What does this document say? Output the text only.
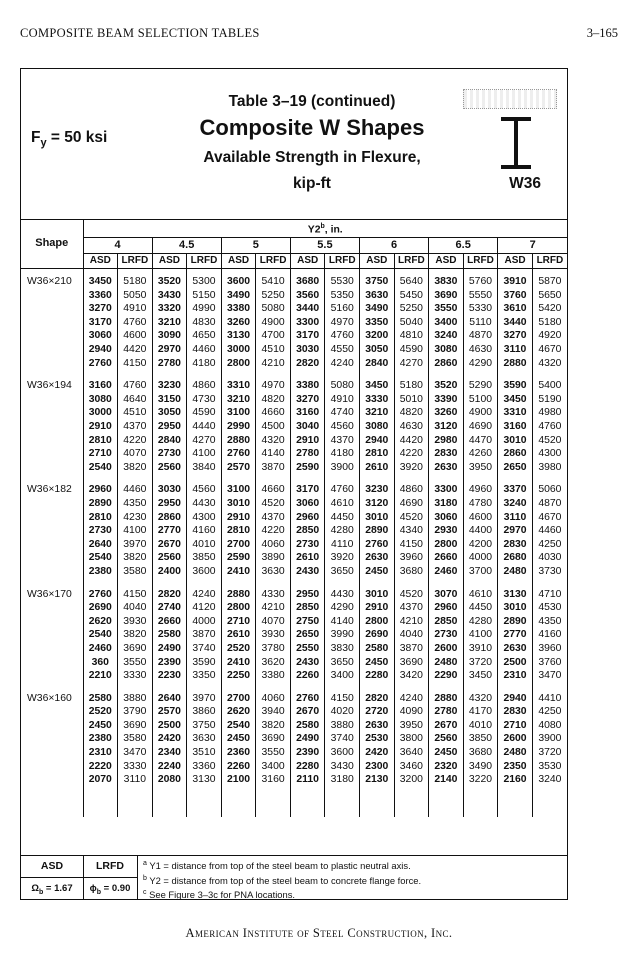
COMPOSITE BEAM SELECTION TABLES	3–165
$F_y = 50$ ksi
Table 3–19 (continued)
Composite W Shapes
Available Strength in Flexure,
kip-ft	W36
Shape	Y2$^b$, in.													
	4		4.5		5		5.5		6		6.5		7	
	ASD	LRFD	ASD	LRFD	ASD	LRFD	ASD	LRFD	ASD	LRFD	ASD	LRFD	ASD	LRFD

W36×210	3450	5180	3520	5300	3600	5410	3680	5530	3750	5640	3830	5760	3910	5870
	3360	5050	3430	5150	3490	5250	3560	5350	3630	5450	3690	5550	3760	5650
	3270	4910	3320	4990	3380	5080	3440	5160	3490	5250	3550	5330	3610	5420
	3170	4760	3210	4830	3260	4900	3300	4970	3350	5040	3400	5110	3440	5180
	3060	4600	3090	4650	3130	4700	3170	4760	3200	4810	3240	4870	3270	4920
	2940	4420	2970	4460	3000	4510	3030	4550	3050	4590	3080	4630	3110	4670
	2760	4150	2780	4180	2800	4210	2820	4240	2840	4270	2860	4290	2880	4320

W36×194	3160	4760	3230	4860	3310	4970	3380	5080	3450	5180	3520	5290	3590	5400
	3080	4640	3150	4730	3210	4820	3270	4910	3330	5010	3390	5100	3450	5190
	3000	4510	3050	4590	3100	4660	3160	4740	3210	4820	3260	4900	3310	4980
	2910	4370	2950	4440	2990	4500	3040	4560	3080	4630	3120	4690	3160	4760
	2810	4220	2840	4270	2880	4320	2910	4370	2940	4420	2980	4470	3010	4520
	2710	4070	2730	4100	2760	4140	2780	4180	2810	4220	2830	4260	2860	4300
	2540	3820	2560	3840	2570	3870	2590	3900	2610	3920	2630	3950	2650	3980

W36×182	2960	4460	3030	4560	3100	4660	3170	4760	3230	4860	3300	4960	3370	5060
	2890	4350	2950	4430	3010	4520	3060	4610	3120	4690	3180	4780	3240	4870
	2810	4230	2860	4300	2910	4370	2960	4450	3010	4520	3060	4600	3110	4670
	2730	4100	2770	4160	2810	4220	2850	4280	2890	4340	2930	4400	2970	4460
	2640	3970	2670	4010	2700	4060	2730	4110	2760	4150	2800	4200	2830	4250
	2540	3820	2560	3850	2590	3890	2610	3920	2630	3960	2660	4000	2680	4030
	2380	3580	2400	3600	2410	3630	2430	3650	2450	3680	2460	3700	2480	3730

W36×170	2760	4150	2820	4240	2880	4330	2950	4430	3010	4520	3070	4610	3130	4710
	2690	4040	2740	4120	2800	4210	2850	4290	2910	4370	2960	4450	3010	4530
	2620	3930	2660	4000	2710	4070	2750	4140	2800	4210	2850	4280	2890	4350
	2540	3820	2580	3870	2610	3930	2650	3990	2690	4040	2730	4100	2770	4160
	2460	3690	2490	3740	2520	3780	2550	3830	2580	3870	2600	3910	2630	3960
	360	3550	2390	3590	2410	3620	2430	3650	2450	3690	2480	3720	2500	3760
	2210	3330	2230	3350	2250	3380	2260	3400	2280	3420	2290	3450	2310	3470

W36×160	2580	3880	2640	3970	2700	4060	2760	4150	2820	4240	2880	4320	2940	4410
	2520	3790	2570	3860	2620	3940	2670	4020	2720	4090	2780	4170	2830	4250
	2450	3690	2500	3750	2540	3820	2580	3880	2630	3950	2670	4010	2710	4080
	2380	3580	2420	3630	2450	3690	2490	3740	2530	3800	2560	3850	2600	3900
	2310	3470	2340	3510	2360	3550	2390	3600	2420	3640	2450	3680	2480	3720
	2220	3330	2240	3360	2260	3400	2280	3430	2300	3460	2320	3490	2350	3530
	2070	3110	2080	3130	2100	3160	2110	3180	2130	3200	2140	3220	2160	3240

ASD	LRFD
$\Omega_b = 1.67$	$\phi_b = 0.90$
$^a$ Y1 = distance from top of the steel beam to plastic neutral axis.
$^b$ Y2 = distance from top of the steel beam to concrete flange force.
$^c$ See Figure 3–3c for PNA locations.
American Institute of Steel Construction, Inc.
